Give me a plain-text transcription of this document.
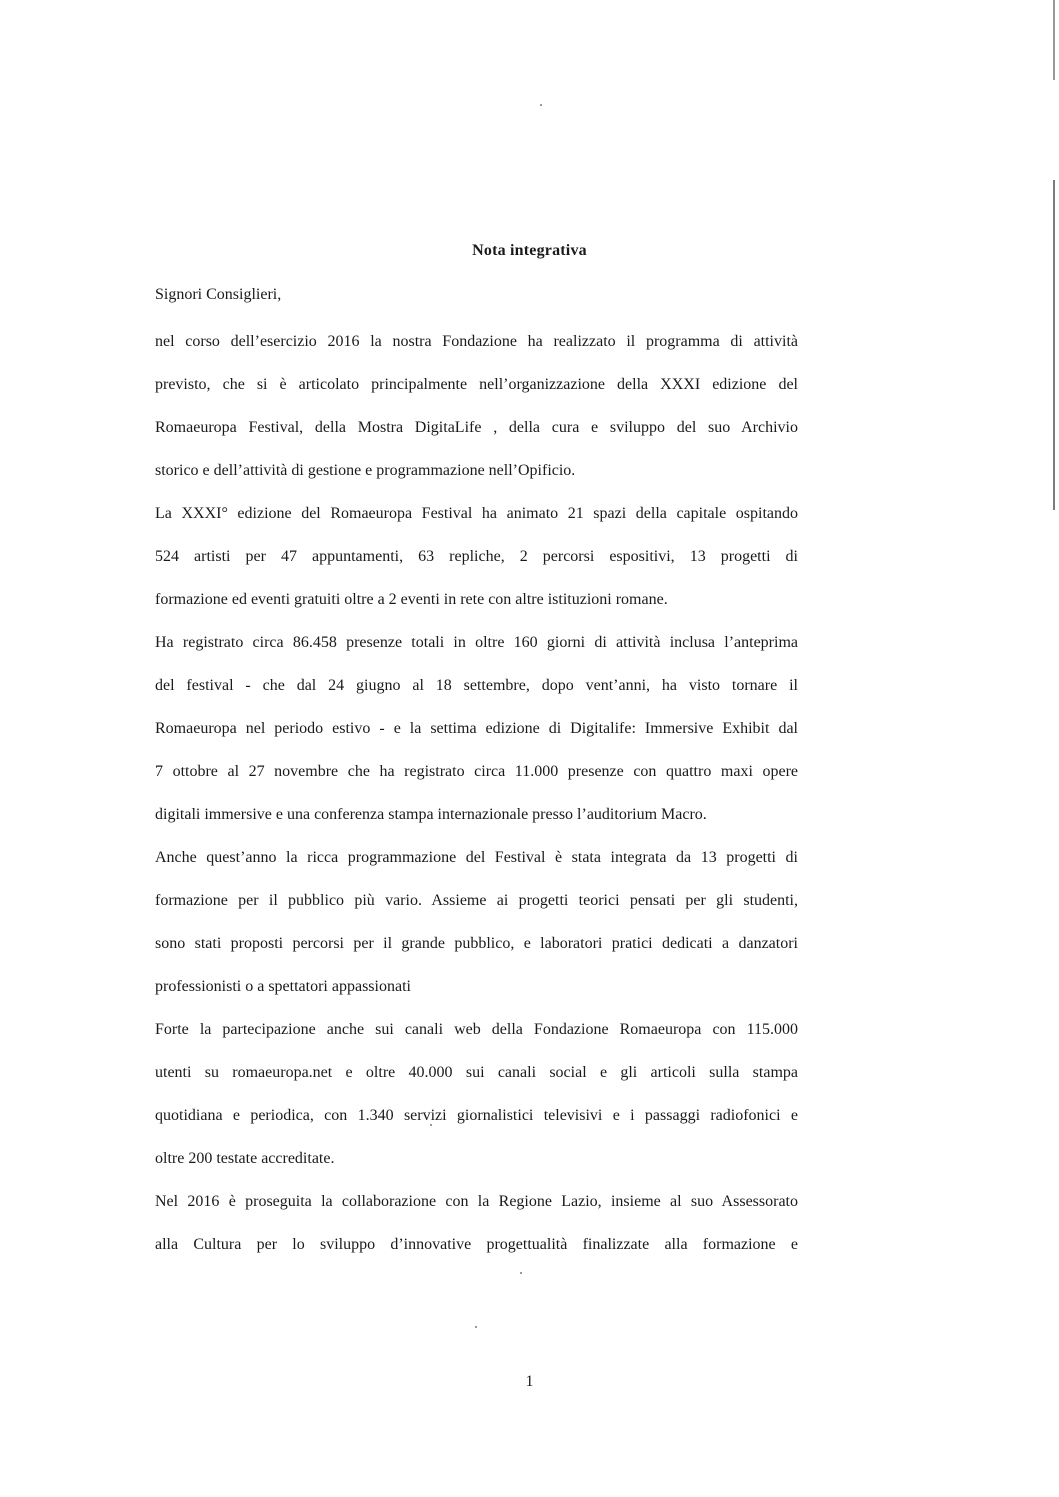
Nota integrativa
Signori Consiglieri,

nel corso dell’esercizio 2016 la nostra Fondazione ha realizzato il programma di attività
previsto, che si è articolato principalmente nell’organizzazione della XXXI edizione del
Romaeuropa Festival, della Mostra DigitaLife , della cura e sviluppo del suo Archivio
storico e dell’attività di gestione e programmazione nell’Opificio.

La XXXI° edizione del Romaeuropa Festival ha animato 21 spazi della capitale ospitando
524 artisti per 47 appuntamenti, 63 repliche, 2 percorsi espositivi, 13 progetti di
formazione ed eventi gratuiti oltre a 2 eventi in rete con altre istituzioni romane.

Ha registrato circa 86.458 presenze totali in oltre 160 giorni di attività inclusa l’anteprima
del festival - che dal 24 giugno al 18 settembre, dopo vent’anni, ha visto tornare il
Romaeuropa nel periodo estivo - e la settima edizione di Digitalife: Immersive Exhibit dal
7 ottobre al 27 novembre che ha registrato circa 11.000 presenze con quattro maxi opere
digitali immersive e una conferenza stampa internazionale presso l’auditorium Macro.

Anche quest’anno la ricca programmazione del Festival è stata integrata da 13 progetti di
formazione per il pubblico più vario. Assieme ai progetti teorici pensati per gli studenti,
sono stati proposti percorsi per il grande pubblico, e laboratori pratici dedicati a danzatori
professionisti o a spettatori appassionati

Forte la partecipazione anche sui canali web della Fondazione Romaeuropa con 115.000
utenti su romaeuropa.net e oltre 40.000 sui canali social e gli articoli sulla stampa
quotidiana e periodica, con 1.340 servizi giornalistici televisivi e i passaggi radiofonici e
oltre 200 testate accreditate.

Nel 2016 è proseguita la collaborazione con la Regione Lazio, insieme al suo Assessorato
alla Cultura per lo sviluppo d’innovative progettualità finalizzate alla formazione e

1
